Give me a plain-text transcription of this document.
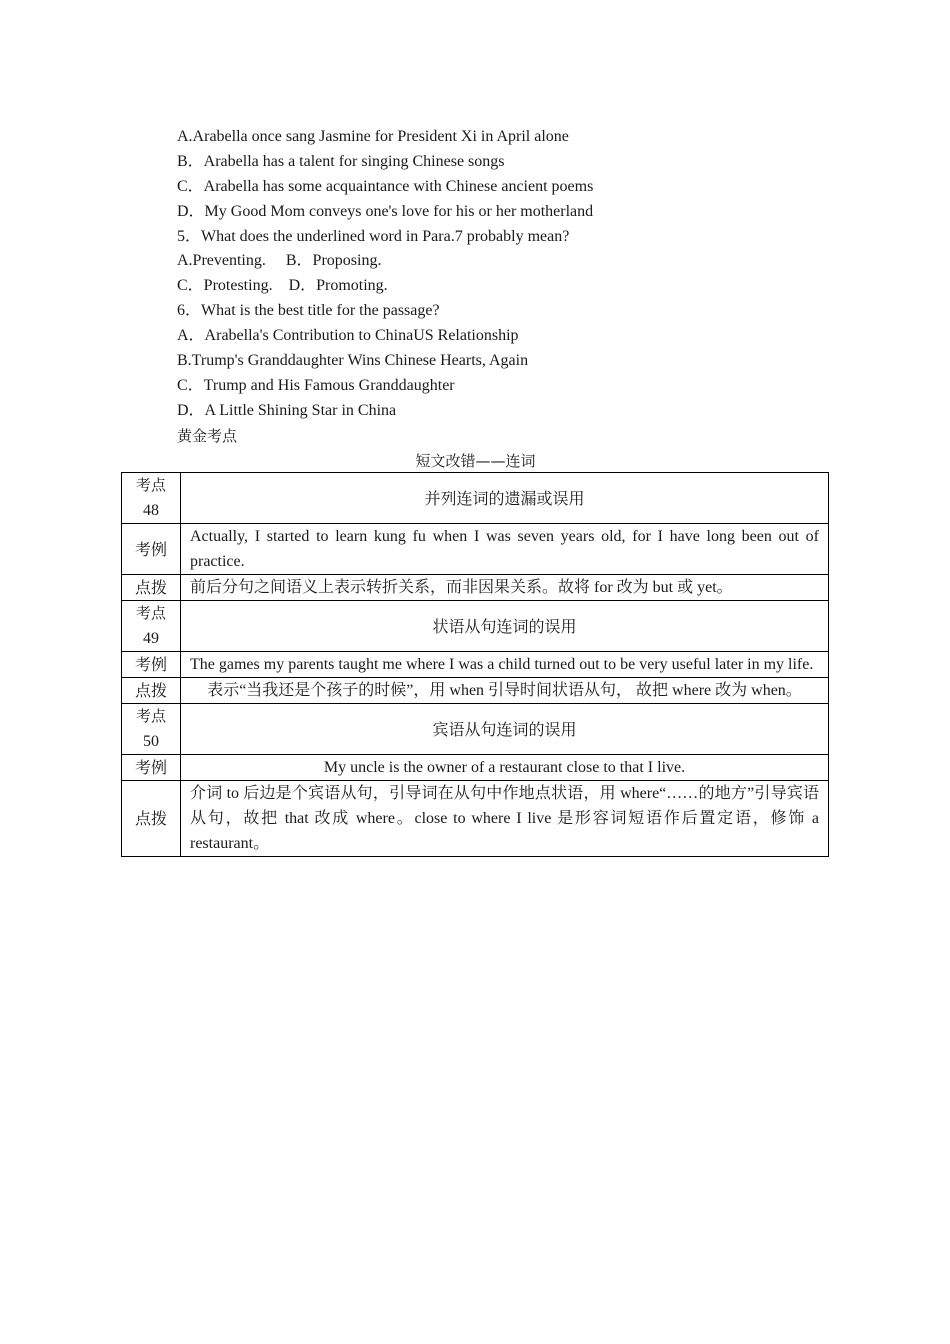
A.Arabella once sang Jasmine for President Xi in April alone
B．Arabella has a talent for singing Chinese songs
C．Arabella has some acquaintance with Chinese ancient poems
D．My Good Mom conveys one's love for his or her motherland
5．What does the underlined word in Para.7 probably mean?
A.Preventing.　 B．Proposing.
C．Protesting.　D．Promoting.
6．What is the best title for the passage?
A．Arabella's Contribution to ChinaUS Relationship
B.Trump's Granddaughter Wins Chinese Hearts, Again
C．Trump and His Famous Granddaughter
D．A Little Shining Star in China
黄金考点
短文改错——连词
考点
48	并列连词的遗漏或误用
考例	Actually, I started to learn kung fu when I was seven years old, for I have long been out of practice.
点拨	前后分句之间语义上表示转折关系，而非因果关系。故将 for 改为 but 或 yet。

考点
49	状语从句连词的误用
考例	The games my parents taught me where I was a child turned out to be very useful later in my life.
点拨	表示“当我还是个孩子的时候”，用 when 引导时间状语从句， 故把 where 改为 when。

考点
50	宾语从句连词的误用
考例	My uncle is the owner of a restaurant close to that I live.
点拨	介词 to 后边是个宾语从句，引导词在从句中作地点状语，用 where“……的地方”引导宾语从句，故把 that 改成 where。close to where I live 是形容词短语作后置定语，修饰 a restaurant。
